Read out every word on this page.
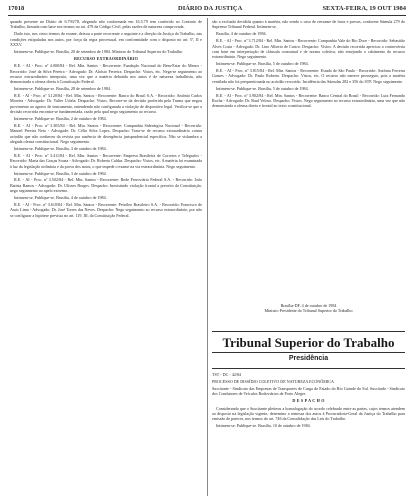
17018	DIÁRIO DA JUSTIÇA	SEXTA-FEIRA, 19 OUT 1984

quando presente no Diário de 6.793/78, alegando não conformada em 16.5.79 tem conferido ao Contrato de Trabalho, firmada com base nos termos no art. 479 da Código Civil, pelas razões de natureza comprovada.

Dado isto, nos cinco termos do exame, deixou a parte recorrente o seguinte e a direção da Justiça do Trabalho, nas condições estipuladas nos autos, por força da regra processual, em conformidade com o disposto no art. 5º, II e XXXV.

Intimem-se. Publique-se. Brasília, 20 de setembro de 1984. Ministro do Tribunal Superior do Trabalho.

RECURSO EXTRAORDINÁRIO

R.E. - AI - Proc. nº 4.000/84 - Rel. Min. Santos - Recorrente: Fundação Nacional do Bem-Estar do Menor - Recorrido: José da Silva Pereira - Advogado: Dr. Aloísio Ferreira. Despacho: Vistos, etc. Nega-se seguimento ao recurso extraordinário interposto, uma vez que a matéria debatida nos autos é de natureza trabalhista, não demonstrada a ofensa direta à Constituição Federal.

Intimem-se. Publique-se. Brasília, 28 de setembro de 1984.

R.E. - AI - Proc. nº 3.120/84 - Rel. Min. Santos - Recorrente: Banco do Brasil S.A. - Recorrido: Antônio Carlos Moreira - Advogado: Dr. Valter Uchôa. Despacho: Vistos. Recorre-se da decisão proferida pela Turma que negou provimento ao agravo de instrumento, entendendo não configurada a violação de dispositivo legal. Verifica-se que a decisão recorrida encontra-se fundamentada, razão pela qual nego seguimento ao recurso.

Intimem-se. Publique-se. Brasília, 2 de outubro de 1984.

R.E. - AI - Proc. nº 3.305/84 - Rel. Min. Santos - Recorrente: Companhia Siderúrgica Nacional - Recorrido: Manoel Pereira Neto - Advogado: Dr. Célio Silva Lopes. Despacho: Trata-se de recurso extraordinário contra acórdão que não conheceu da revista por ausência de divergência jurisprudencial específica. Não se vislumbra a alegada ofensa constitucional. Nego seguimento.

Intimem-se. Publique-se. Brasília, 3 de outubro de 1984.

R.E. - AI - Proc. nº 3.411/84 - Rel. Min. Santos - Recorrente: Empresa Brasileira de Correios e Telégrafos - Recorrido: Maria das Graças Souza - Advogado: Dr. Roberto Caldas. Despacho: Vistos, etc. A matéria foi examinada à luz da legislação ordinária e da prova dos autos, o que impede o exame na via extraordinária. Nego seguimento.

Intimem-se. Publique-se. Brasília, 3 de outubro de 1984.

R.E. - AI - Proc. nº 3.502/84 - Rel. Min. Santos - Recorrente: Rede Ferroviária Federal S.A. - Recorrido: João Batista Ramos - Advogado: Dr. Ulisses Borges. Despacho: Inexistindo violação frontal a preceito da Constituição, nego seguimento ao apelo extremo.

Intimem-se. Publique-se. Brasília, 4 de outubro de 1984.

R.E. - AI - Proc. nº 3.610/84 - Rel. Min. Santos - Recorrente: Petróleo Brasileiro S.A. - Recorrido: Francisco de Assis Lima - Advogado: Dr. José Torres das Neves. Despacho: Nego seguimento ao recurso extraordinário, por não se configurar a hipótese prevista no art. 119, III, da Constituição Federal.

são a exclusão decidida quanto à matéria, não sendo o caso de reexame de fatos e provas, conforme Súmula 279 do Supremo Tribunal Federal. Intimem-se.

Brasília, 4 de outubro de 1984.

R.E. - AI - Proc. nº 3.712/84 - Rel. Min. Santos - Recorrente: Companhia Vale do Rio Doce - Recorrido: Sebastião Alves Costa - Advogado: Dr. Lino Alberto de Castro. Despacho: Vistos. A decisão recorrida apreciou a controvérsia com base em interpretação de cláusula contratual e de norma coletiva, não ensejando o cabimento do recurso extraordinário. Nego seguimento.

Intimem-se. Publique-se. Brasília, 5 de outubro de 1984.

R.E. - AI - Proc. nº 3.815/84 - Rel. Min. Santos - Recorrente: Estado de São Paulo - Recorrido: Antônia Ferreira Gomes - Advogado: Dr. Paulo Roberto. Despacho: Vistos, etc. O recurso não merece prosseguir, pois a matéria ventilada não foi prequestionada no acórdão recorrido. Incidência das Súmulas 282 e 356 do STF. Nego seguimento.

Intimem-se. Publique-se. Brasília, 5 de outubro de 1984.

R.E. - AI - Proc. nº 3.902/84 - Rel. Min. Santos - Recorrente: Banco Central do Brasil - Recorrido: Luiz Fernando Rocha - Advogado: Dr. Raul Veloso. Despacho: Vistos. Nego seguimento ao recurso extraordinário, uma vez que não demonstrada a ofensa direta e frontal ao texto constitucional.

Brasília-DF, 4 de outubro de 1984
Ministro Presidente do Tribunal Superior do Trabalho
Tribunal Superior do Trabalho
Presidência

TST - DC - 42/84

PROCESSO DE DISSÍDIO COLETIVO DE NATUREZA ECONÔMICA

Suscitante - Sindicato das Empresas de Transportes de Carga do Estado do Rio Grande do Sul. Suscitado - Sindicato dos Condutores de Veículos Rodoviários de Porto Alegre.

D E S P A C H O

Considerando que o Suscitante pleiteou a homologação do acordo celebrado entre as partes, cujos termos atendem ao disposto na legislação vigente, determino a remessa dos autos à Procuradoria-Geral da Justiça do Trabalho para emissão de parecer, nos termos do art. 746 da Consolidação das Leis do Trabalho.

Intimem-se. Publique-se. Brasília, 10 de outubro de 1984.
